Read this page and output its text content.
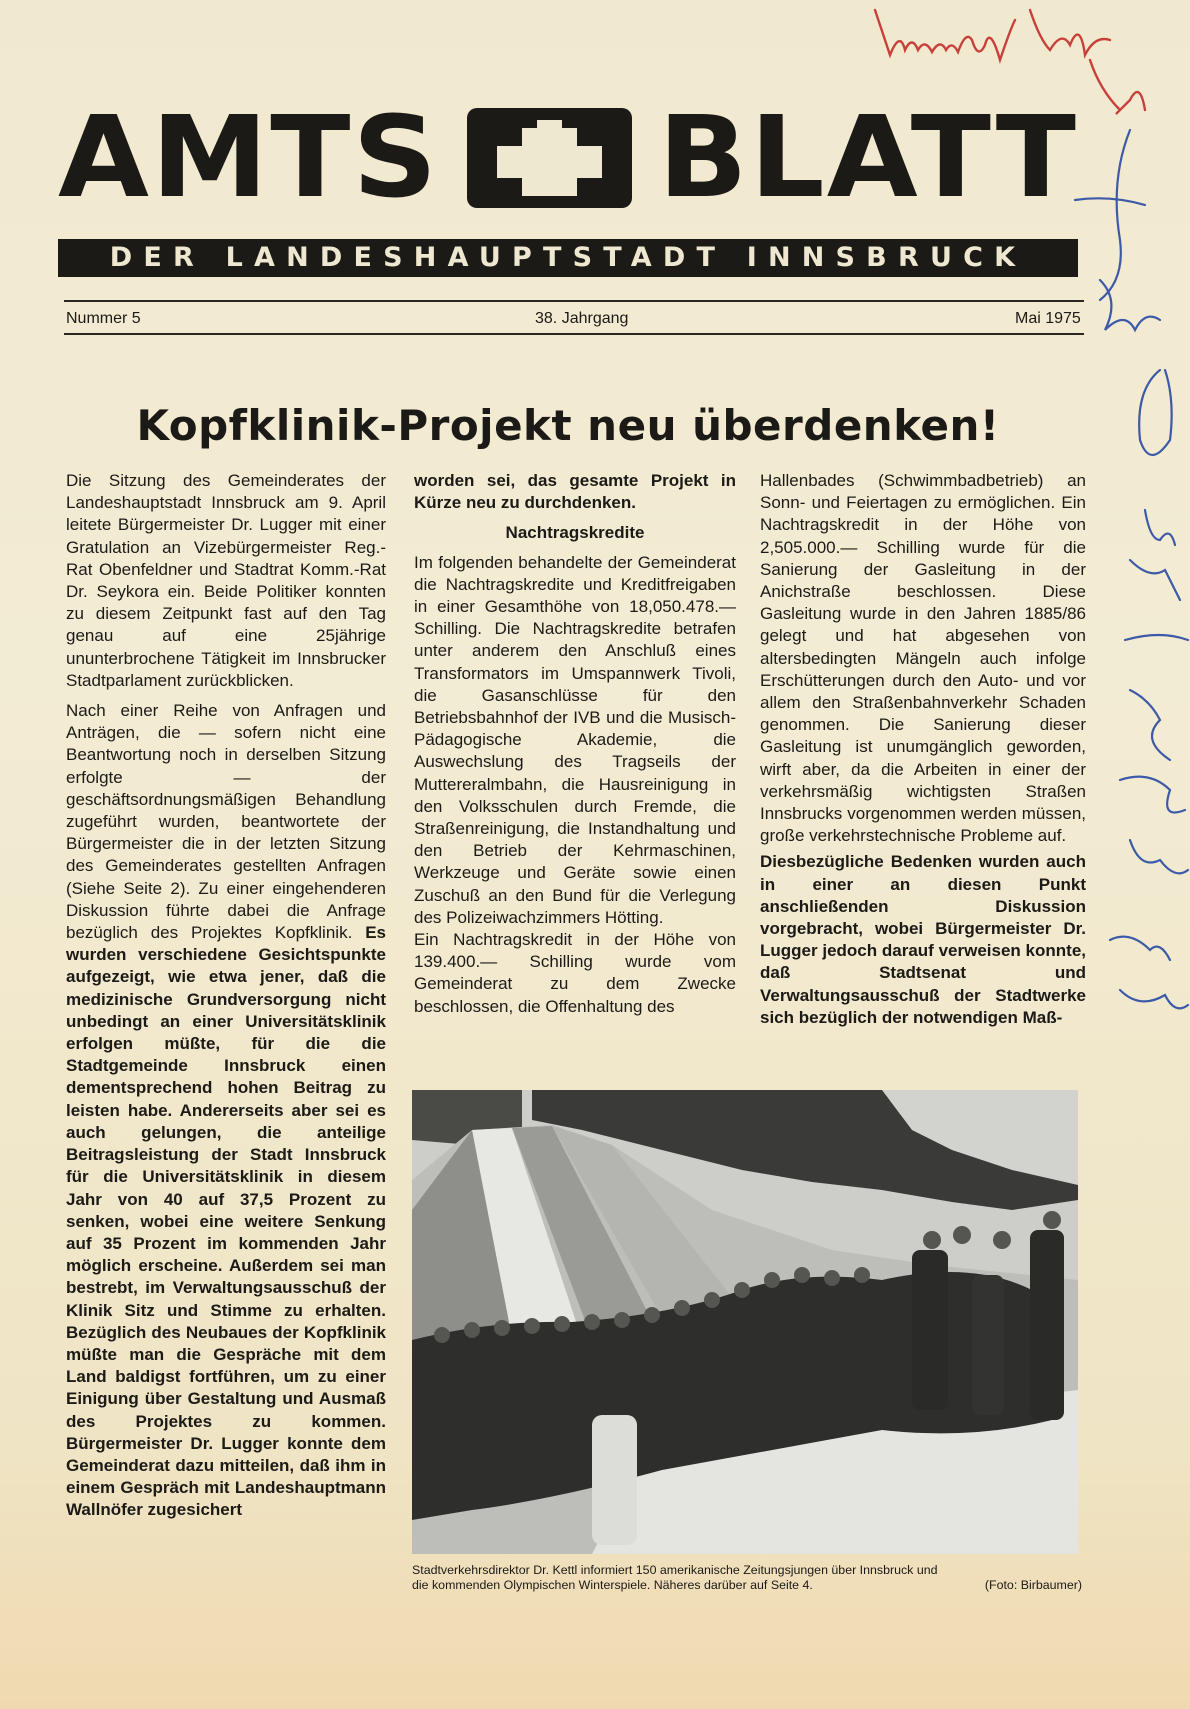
AMTS BLATT
DER LANDESHAUPTSTADT INNSBRUCK
Nummer 5	38. Jahrgang	Mai 1975
Kopfklinik-Projekt neu überdenken!

Die Sitzung des Gemeinderates der Landeshauptstadt Innsbruck am 9. April leitete Bürgermeister Dr. Lugger mit einer Gratulation an Vizebürgermeister Reg.-Rat Obenfeldner und Stadtrat Komm.-Rat Dr. Seykora ein. Beide Politiker konnten zu diesem Zeitpunkt fast auf den Tag genau auf eine 25jährige ununterbrochene Tätigkeit im Innsbrucker Stadtparlament zurückblicken.

Nach einer Reihe von Anfragen und Anträgen, die — sofern nicht eine Beantwortung noch in derselben Sitzung erfolgte — der geschäftsordnungsmäßigen Behandlung zugeführt wurden, beantwortete der Bürgermeister die in der letzten Sitzung des Gemeinderates gestellten Anfragen (Siehe Seite 2). Zu einer eingehenderen Diskussion führte dabei die Anfrage bezüglich des Projektes Kopfklinik. Es wurden verschiedene Gesichtspunkte aufgezeigt, wie etwa jener, daß die medizinische Grundversorgung nicht unbedingt an einer Universitätsklinik erfolgen müßte, für die die Stadtgemeinde Innsbruck einen dementsprechend hohen Beitrag zu leisten habe. Andererseits aber sei es auch gelungen, die anteilige Beitragsleistung der Stadt Innsbruck für die Universitätsklinik in diesem Jahr von 40 auf 37,5 Prozent zu senken, wobei eine weitere Senkung auf 35 Prozent im kommenden Jahr möglich erscheine. Außerdem sei man bestrebt, im Verwaltungsausschuß der Klinik Sitz und Stimme zu erhalten. Bezüglich des Neubaues der Kopfklinik müßte man die Gespräche mit dem Land baldigst fortführen, um zu einer Einigung über Gestaltung und Ausmaß des Projektes zu kommen. Bürgermeister Dr. Lugger konnte dem Gemeinderat dazu mitteilen, daß ihm in einem Gespräch mit Landeshauptmann Wallnöfer zugesichert

worden sei, das gesamte Projekt in Kürze neu zu durchdenken.

Nachtragskredite

Im folgenden behandelte der Gemeinderat die Nachtragskredite und Kreditfreigaben in einer Gesamthöhe von 18,050.478.— Schilling. Die Nachtragskredite betrafen unter anderem den Anschluß eines Transformators im Umspannwerk Tivoli, die Gasanschlüsse für den Betriebsbahnhof der IVB und die Musisch-Pädagogische Akademie, die Auswechslung des Tragseils der Muttereralmbahn, die Hausreinigung in den Volksschulen durch Fremde, die Straßenreinigung, die Instandhaltung und den Betrieb der Kehrmaschinen, Werkzeuge und Geräte sowie einen Zuschuß an den Bund für die Verlegung des Polizeiwachzimmers Hötting.

Ein Nachtragskredit in der Höhe von 139.400.— Schilling wurde vom Gemeinderat zu dem Zwecke beschlossen, die Offenhaltung des

Hallenbades (Schwimmbadbetrieb) an Sonn- und Feiertagen zu ermöglichen. Ein Nachtragskredit in der Höhe von 2,505.000.— Schilling wurde für die Sanierung der Gasleitung in der Anichstraße beschlossen. Diese Gasleitung wurde in den Jahren 1885/86 gelegt und hat abgesehen von altersbedingten Mängeln auch infolge Erschütterungen durch den Auto- und vor allem den Straßenbahnverkehr Schaden genommen. Die Sanierung dieser Gasleitung ist unumgänglich geworden, wirft aber, da die Arbeiten in einer der verkehrsmäßig wichtigsten Straßen Innsbrucks vorgenommen werden müssen, große verkehrstechnische Probleme auf.

Diesbezügliche Bedenken wurden auch in einer an diesen Punkt anschließenden Diskussion vorgebracht, wobei Bürgermeister Dr. Lugger jedoch darauf verweisen konnte, daß Stadtsenat und Verwaltungsausschuß der Stadtwerke sich bezüglich der notwendigen Maß-

Stadtverkehrsdirektor Dr. Kettl informiert 150 amerikanische Zeitungsjungen über Innsbruck und
die kommenden Olympischen Winterspiele. Näheres darüber auf Seite 4.	(Foto: Birbaumer)
